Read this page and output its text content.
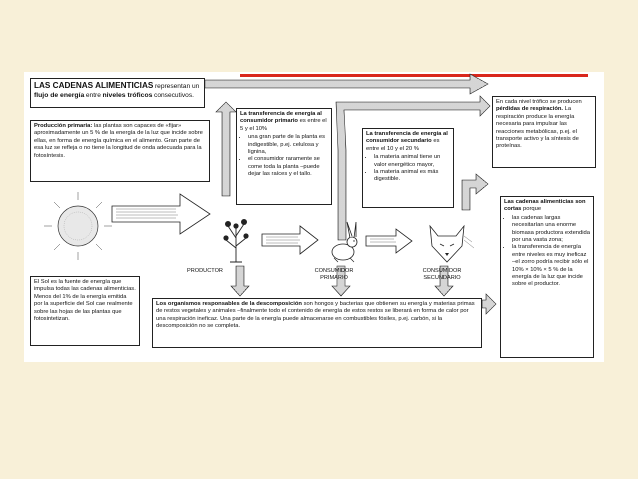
LAS CADENAS ALIMENTICIAS representan un
flujo de energía entre niveles tróficos consecutivos.
Producción primaria: las plantas son capaces de «fijar» aproximadamente un 5 % de la energía de la luz que incide sobre ellas, en forma de energía química en el alimento. Gran parte de esa luz se refleja o no tiene la longitud de onda adecuada para la fotosíntesis.
La transferencia de energía al consumidor primario es entre el 5 y el 10%
• una gran parte de la planta es indigestible, p.ej. celulosa y lignina,
• el consumidor raramente se come toda la planta –puede dejar las raíces y el tallo.
La transferencia de energía al consumidor secundario es entre el 10 y el 20 %
• la materia animal tiene un valor energético mayor,
• la materia animal es más digestible.
En cada nivel trófico se producen pérdidas de respiración. La respiración produce la energía necesaria para impulsar las reacciones metabólicas, p.ej. el transporte activo y la síntesis de proteínas.
Las cadenas alimenticias son cortas porque
• las cadenas largas necesitarían una enorme biomasa productora extendida por una vasta zona;
• la transferencia de energía entre niveles es muy ineficaz –el zorro podría recibir sólo el 10% × 10% × 5 % de la energía de la luz que incide sobre el productor.
El Sol es la fuente de energía que impulsa todas las cadenas alimenticias. Menos del 1% de la energía emitida por la superficie del Sol cae realmente sobre las hojas de las plantas que fotosintetizan.
Los organismos responsables de la descomposición son hongos y bacterias que obtienen su energía y materias primas de restos vegetales y animales –finalmente todo el contenido de energía de estos restos se liberará en forma de calor por una respiración ineficaz. Una parte de la energía puede almacenarse en combustibles fósiles, p.ej. carbón, si la descomposición no se completa.
PRODUCTOR	CONSUMIDOR
PRIMARIO
CONSUMIDOR
SECUNDARIO
